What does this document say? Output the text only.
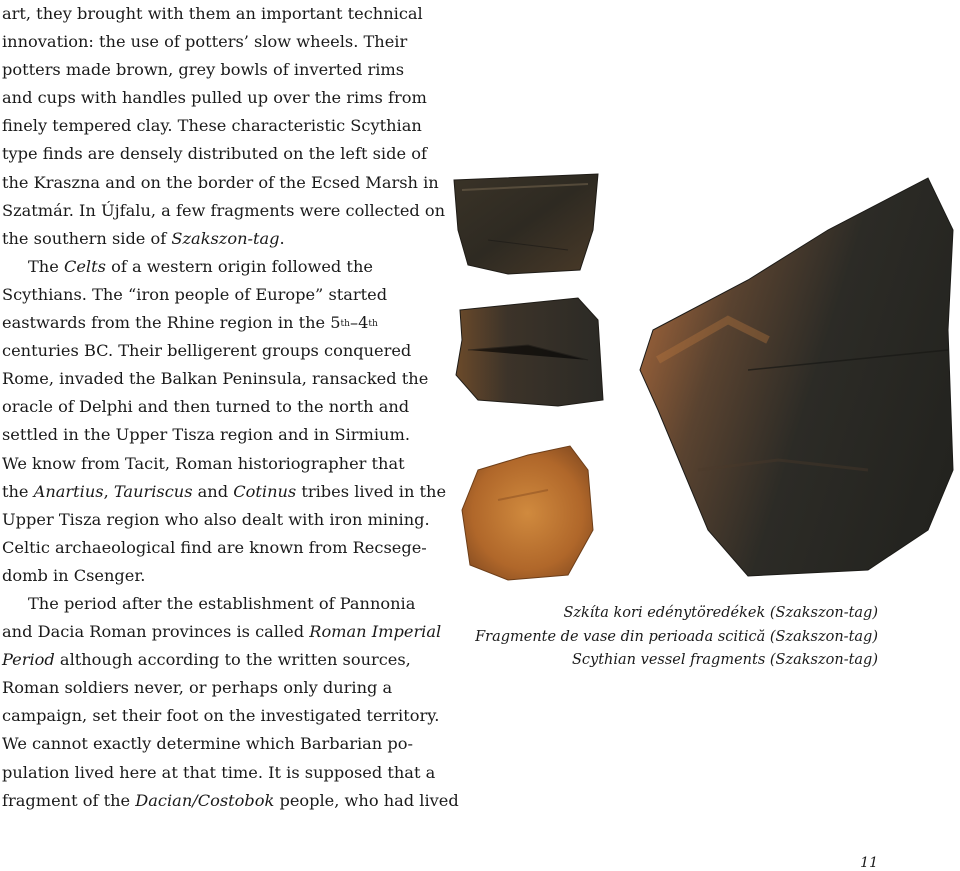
art, they brought with them an important technical
innovation: the use of potters’ slow wheels. Their
potters made brown, grey bowls of inverted rims
and cups with handles pulled up over the rims from
finely tempered clay. These characteristic Scythian
type finds are densely distributed on the left side of
the Kraszna and on the border of the Ecsed Marsh in
Szatmár. In Újfalu, a few fragments were collected on
the southern side of Szakszon-tag.
The Celts of a western origin followed the
Scythians. The “iron people of Europe” started
eastwards from the Rhine region in the 5th–4th
centuries BC. Their belligerent groups conquered
Rome, invaded the Balkan Peninsula, ransacked the
oracle of Delphi and then turned to the north and
settled in the Upper Tisza region and in Sirmium.
We know from Tacit, Roman historiographer that
the Anartius, Tauriscus and Cotinus tribes lived in the
Upper Tisza region who also dealt with iron mining.
Celtic archaeological find are known from Recsege-
domb in Csenger.
The period after the establishment of Pannonia
and Dacia Roman provinces is called Roman Imperial
Period although according to the written sources,
Roman soldiers never, or perhaps only during a
campaign, set their foot on the investigated territory.
We cannot exactly determine which Barbarian po-
pulation lived here at that time. It is supposed that a
fragment of the Dacian/Costobok people, who had lived
Szkíta kori edénytöredékek (Szakszon-tag)
Fragmente de vase din perioada scitică (Szakszon-tag)
Scythian vessel fragments (Szakszon-tag)
11
